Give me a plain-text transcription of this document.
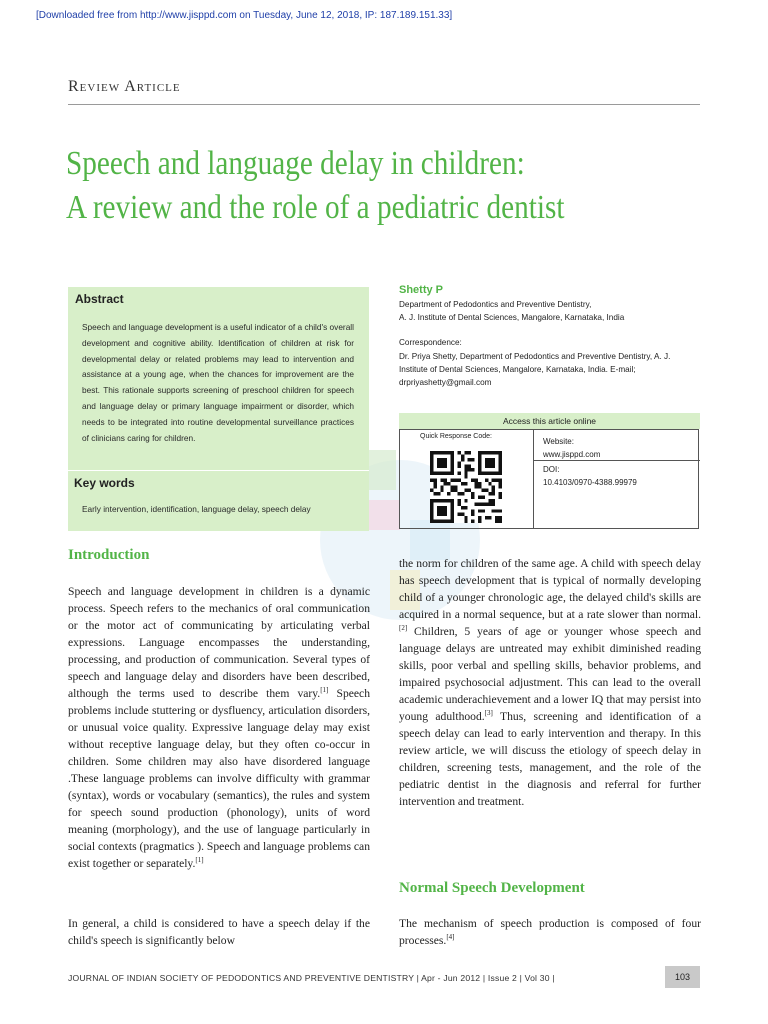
[Downloaded free from http://www.jisppd.com on Tuesday, June 12, 2018, IP: 187.189.151.33]
Review Article
Speech and language delay in children:
A review and the role of a pediatric dentist
Abstract
Speech and language development is a useful indicator of a child's overall development and cognitive ability. Identification of children at risk for developmental delay or related problems may lead to intervention and assistance at a young age, when the chances for improvement are the best. This rationale supports screening of preschool children for speech and language delay or primary language impairment or disorder, which needs to be integrated into routine developmental surveillance practices of clinicians caring for children.
Key words
Early intervention, identification, language delay, speech delay
Shetty P
Department of Pedodontics and Preventive Dentistry,
A. J. Institute of Dental Sciences, Mangalore, Karnataka, India
Correspondence:
Dr. Priya Shetty, Department of Pedodontics and Preventive Dentistry, A. J. Institute of Dental Sciences, Mangalore, Karnataka, India. E-mail; drpriyashetty@gmail.com
Access this article online
Quick Response Code:
Website:
www.jisppd.com
DOI:
10.4103/0970-4388.99979
Introduction
Speech and language development in children is a dynamic process. Speech refers to the mechanics of oral communication or the motor act of communicating by articulating verbal expressions. Language encompasses the understanding, processing, and production of communication. Several types of speech and language delay and disorders have been described, although the terms used to describe them vary.[1] Speech problems include stuttering or dysfluency, articulation disorders, or unusual voice quality. Expressive language delay may exist without receptive language delay, but they often co-occur in children. Some children may also have disordered language .These language problems can involve difficulty with grammar (syntax), words or vocabulary (semantics), the rules and system for speech sound production (phonology), units of word meaning (morphology), and the use of language particularly in social contexts (pragmatics ). Speech and language problems can exist together or separately.[1]
In general, a child is considered to have a speech delay if the child's speech is significantly below
the norm for children of the same age. A child with speech delay has speech development that is typical of normally developing child of a younger chronologic age, the delayed child's skills are acquired in a normal sequence, but at a rate slower than normal.[2] Children, 5 years of age or younger whose speech and language delays are untreated may exhibit diminished reading skills, poor verbal and spelling skills, behavior problems, and impaired psychosocial adjustment. This can lead to the overall academic underachievement and a lower IQ that may persist into young adulthood.[3] Thus, screening and identification of a speech delay can lead to early intervention and therapy. In this review article, we will discuss the etiology of speech delay in children, screening tests, management, and the role of the pediatric dentist in the diagnosis and referral for further intervention and treatment.
Normal Speech Development
The mechanism of speech production is composed of four processes.[4]
JOURNAL OF INDIAN SOCIETY OF PEDODONTICS AND PREVENTIVE DENTISTRY | Apr - Jun 2012 | Issue 2 | Vol 30 |	103
